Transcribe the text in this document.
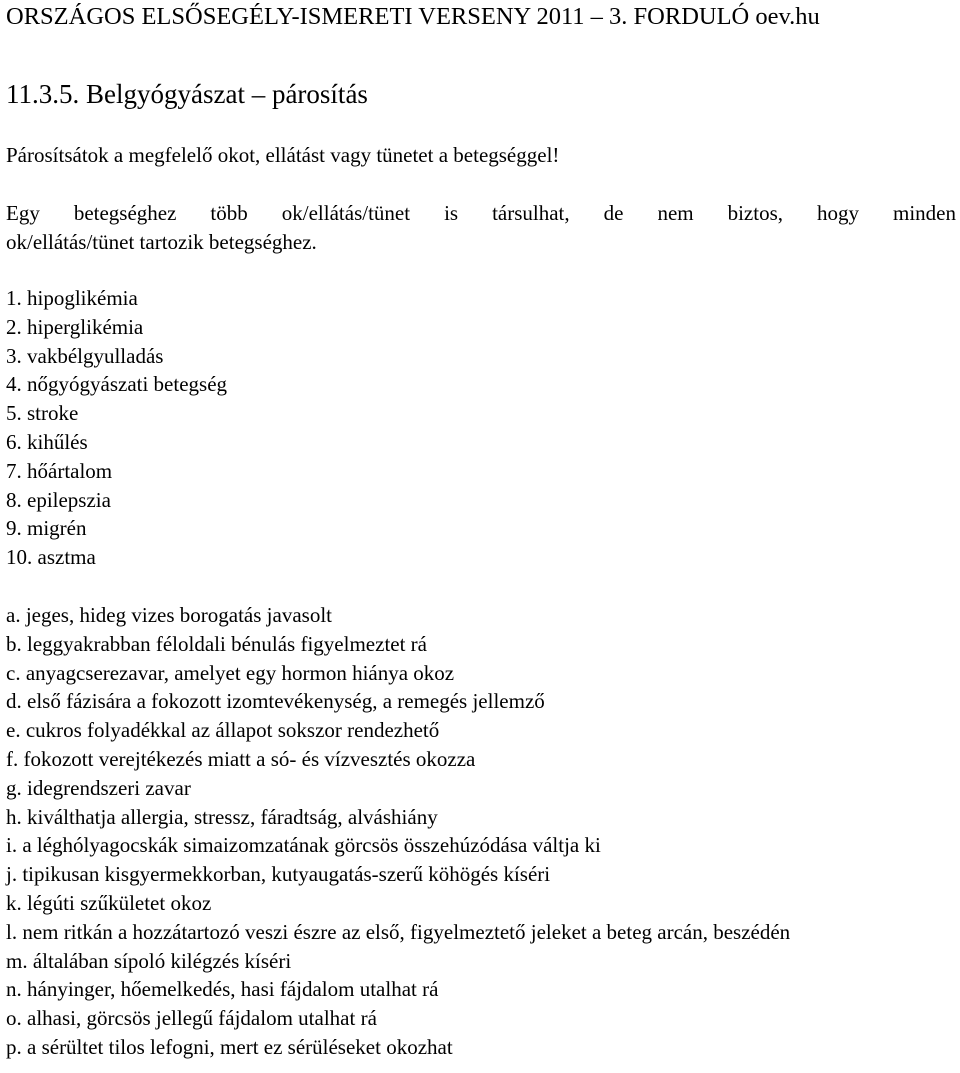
ORSZÁGOS ELSŐSEGÉLY-ISMERETI VERSENY 2011 – 3. FORDULÓ oev.hu
11.3.5. Belgyógyászat – párosítás
Párosítsátok a megfelelő okot, ellátást vagy tünetet a betegséggel!
Egy betegséghez több ok/ellátás/tünet is társulhat, de nem biztos, hogy minden
ok/ellátás/tünet tartozik betegséghez.
1. hipoglikémia
2. hiperglikémia
3. vakbélgyulladás
4. nőgyógyászati betegség
5. stroke
6. kihűlés
7. hőártalom
8. epilepszia
9. migrén
10. asztma
a. jeges, hideg vizes borogatás javasolt
b. leggyakrabban féloldali bénulás figyelmeztet rá
c. anyagcserezavar, amelyet egy hormon hiánya okoz
d. első fázisára a fokozott izomtevékenység, a remegés jellemző
e. cukros folyadékkal az állapot sokszor rendezhető
f. fokozott verejtékezés miatt a só- és vízvesztés okozza
g. idegrendszeri zavar
h. kiválthatja allergia, stressz, fáradtság, alváshiány
i. a léghólyagocskák simaizomzatának görcsös összehúzódása váltja ki
j. tipikusan kisgyermekkorban, kutyaugatás-szerű köhögés kíséri
k. légúti szűkületet okoz
l. nem ritkán a hozzátartozó veszi észre az első, figyelmeztető jeleket a beteg arcán, beszédén
m. általában sípoló kilégzés kíséri
n. hányinger, hőemelkedés, hasi fájdalom utalhat rá
o. alhasi, görcsös jellegű fájdalom utalhat rá
p. a sérültet tilos lefogni, mert ez sérüléseket okozhat
